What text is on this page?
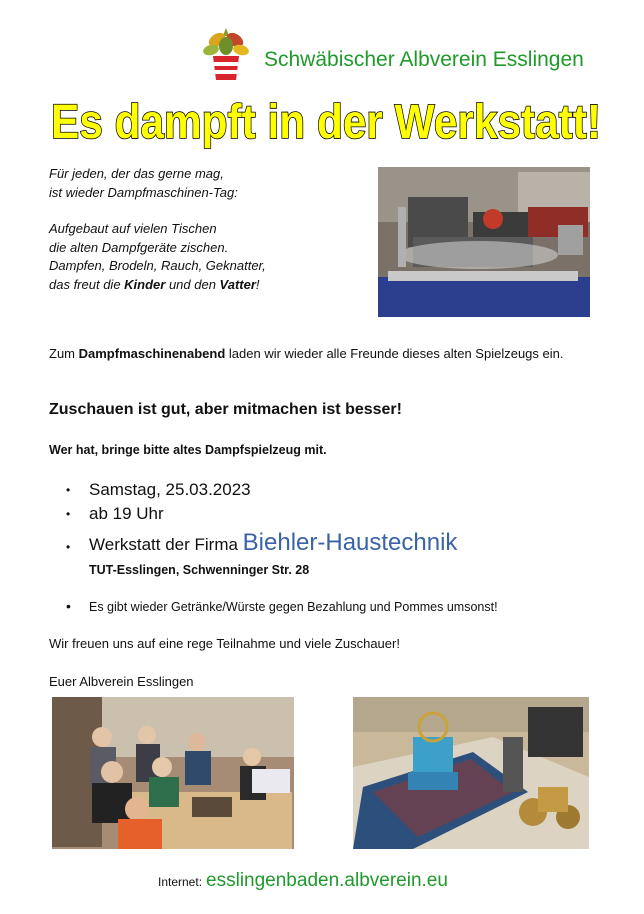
Schwäbischer Albverein Esslingen
Es dampft in der Werkstatt!

Für jeden, der das gerne mag,

ist wieder Dampfmaschinen-Tag:

Aufgebaut auf vielen Tischen

die alten Dampfgeräte zischen.

Dampfen, Brodeln, Rauch, Geknatter,

das freut die Kinder und den Vatter!

Zum Dampfmaschinenabend laden wir wieder alle Freunde dieses alten Spielzeugs ein.
Zuschauen ist gut, aber mitmachen ist besser!
Wer hat, bringe bitte altes Dampfspielzeug mit.
• Samstag, 25.03.2023
• ab 19 Uhr
• Werkstatt der Firma Biehler-Haustechnik
TUT-Esslingen, Schwenninger Str. 28
• Es gibt wieder Getränke/Würste gegen Bezahlung und Pommes umsonst!
Wir freuen uns auf eine rege Teilnahme und viele Zuschauer!
Euer Albverein Esslingen
Internet: esslingenbaden.albverein.eu
